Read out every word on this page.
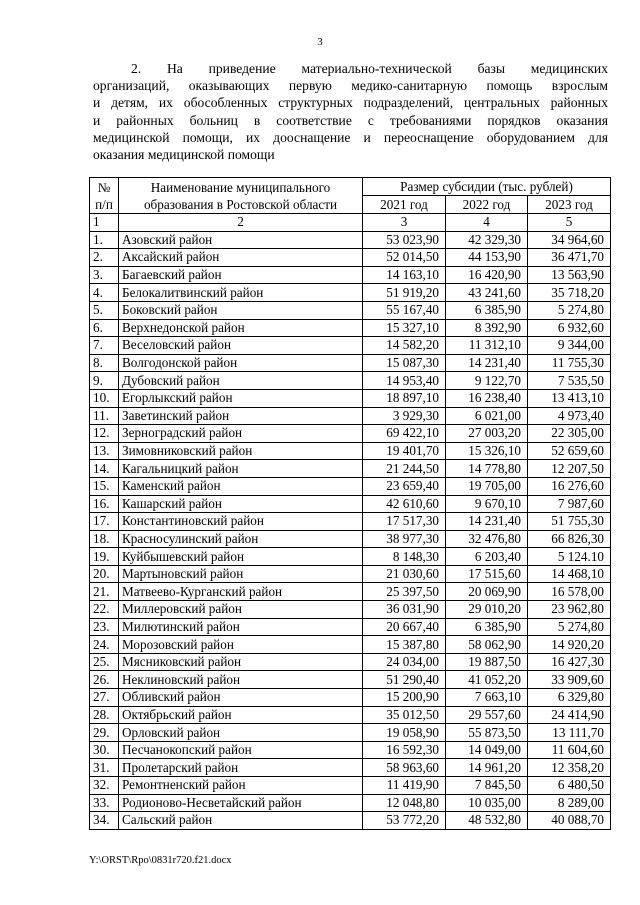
3
2. На приведение материально-технической базы медицинских
организаций, оказывающих первую медико-санитарную помощь взрослым
и детям, их обособленных структурных подразделений, центральных районных
и районных больниц в соответствие с требованиями порядков оказания
медицинской помощи, их дооснащение и переоснащение оборудованием для
оказания медицинской помощи
№
п/п	Наименование муниципального
образования в Ростовской области	Размер субсидии (тыс. рублей)		
		2021 год	2022 год	2023 год
1	2	3	4	5
1.	Азовский район	53 023,90	42 329,30	34 964,60
2.	Аксайский район	52 014,50	44 153,90	36 471,70
3.	Багаевский район	14 163,10	16 420,90	13 563,90
4.	Белокалитвинский район	51 919,20	43 241,60	35 718,20
5.	Боковский район	55 167,40	6 385,90	5 274,80
6.	Верхнедонской район	15 327,10	8 392,90	6 932,60
7.	Веселовский район	14 582,20	11 312,10	9 344,00
8.	Волгодонской район	15 087,30	14 231,40	11 755,30
9.	Дубовский район	14 953,40	9 122,70	7 535,50
10.	Егорлыкский район	18 897,10	16 238,40	13 413,10
11.	Заветинский район	3 929,30	6 021,00	4 973,40
12.	Зерноградский район	69 422,10	27 003,20	22 305,00
13.	Зимовниковский район	19 401,70	15 326,10	52 659,60
14.	Кагальницкий район	21 244,50	14 778,80	12 207,50
15.	Каменский район	23 659,40	19 705,00	16 276,60
16.	Кашарский район	42 610,60	9 670,10	7 987,60
17.	Константиновский район	17 517,30	14 231,40	51 755,30
18.	Красносулинский район	38 977,30	32 476,80	66 826,30
19.	Куйбышевский район	8 148,30	6 203,40	5 124.10
20.	Мартыновский район	21 030,60	17 515,60	14 468,10
21.	Матвеево-Курганский район	25 397,50	20 069,90	16 578,00
22.	Миллеровский район	36 031,90	29 010,20	23 962,80
23.	Милютинский район	20 667,40	6 385,90	5 274,80
24.	Морозовский район	15 387,80	58 062,90	14 920,20
25.	Мясниковский район	24 034,00	19 887,50	16 427,30
26.	Неклиновский район	51 290,40	41 052,20	33 909,60
27.	Обливский район	15 200,90	7 663,10	6 329,80
28.	Октябрьский район	35 012,50	29 557,60	24 414,90
29.	Орловский район	19 058,90	55 873,50	13 111,70
30.	Песчанокопский район	16 592,30	14 049,00	11 604,60
31.	Пролетарский район	58 963,60	14 961,20	12 358,20
32.	Ремонтненский район	11 419,90	7 845,50	6 480,50
33.	Родионово-Несветайский район	12 048,80	10 035,00	8 289,00
34.	Сальский район	53 772,20	48 532,80	40 088,70
Y:\ORST\Rpo\0831r720.f21.docx
